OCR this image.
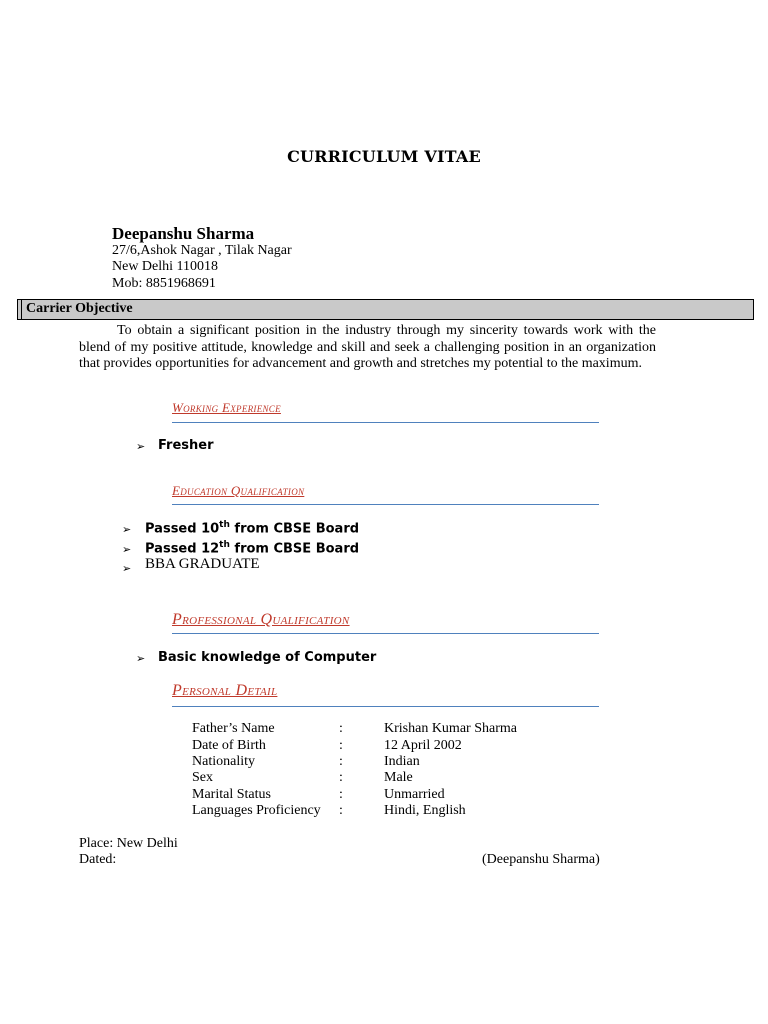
CURRICULUM VITAE
Deepanshu Sharma
27/6,Ashok Nagar , Tilak Nagar
New Delhi 110018
Mob: 8851968691
Carrier Objective
To obtain a significant position in the industry through my sincerity towards work with the blend of my positive attitude, knowledge and skill and seek a challenging position in an organization that provides opportunities for advancement and growth and stretches my potential to the maximum.
Working Experience
➢ Fresher
Education Qualification
➢ Passed 10th from CBSE Board
➢ Passed 12th from CBSE Board
➢ BBA GRADUATE
Professional Qualification
➢ Basic knowledge of Computer
Personal Detail
Father’s Name	:	Krishan Kumar Sharma
Date of Birth	:	12 April 2002
Nationality	:	Indian
Sex	:	Male
Marital Status	:	Unmarried
Languages Proficiency :	Hindi, English
Place: New Delhi
Dated:	(Deepanshu Sharma)
